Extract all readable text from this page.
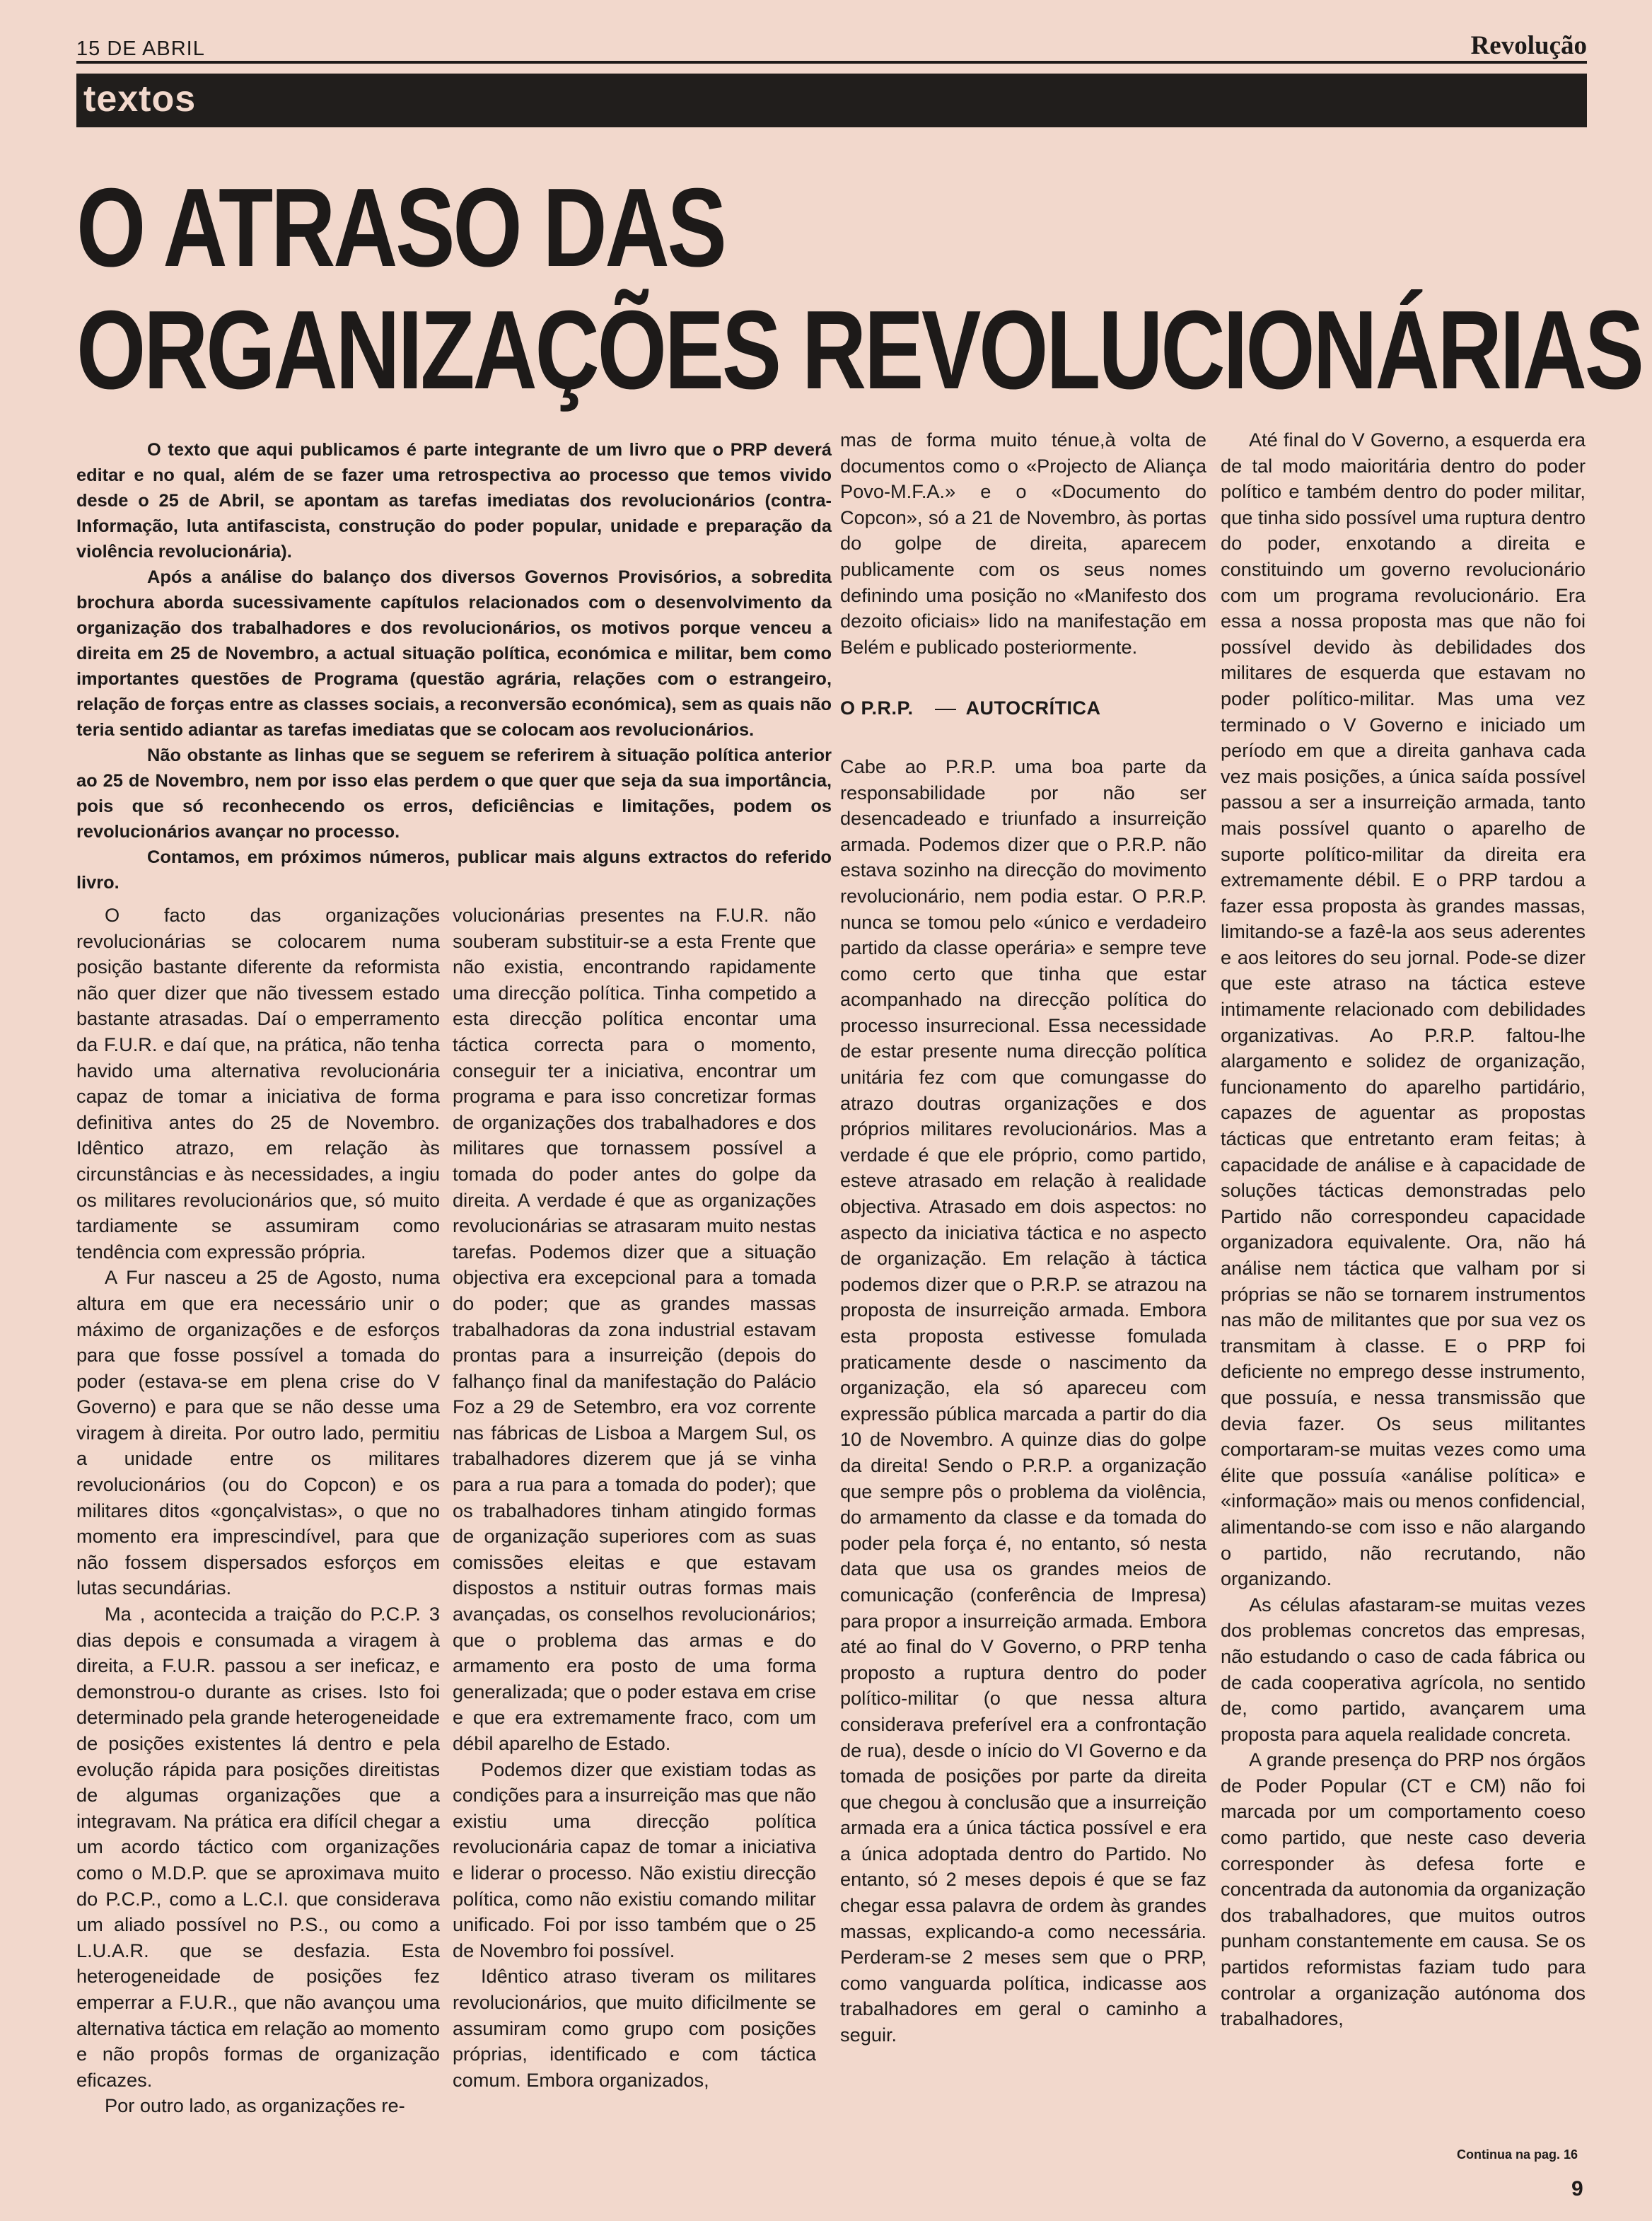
15 DE ABRIL	Revolução
textos
O ATRASO DAS
ORGANIZAÇÕES REVOLUCIONÁRIAS

O texto que aqui publicamos é parte integrante de um livro que o PRP deverá editar e no qual, além de se fazer uma retrospectiva ao processo que temos vivido desde o 25 de Abril, se apontam as tarefas imediatas dos revolucionários (contra-Informação, luta antifascista, construção do poder popular, unidade e preparação da violência revolucionária).

Após a análise do balanço dos diversos Governos Provisórios, a sobredita brochura aborda sucessivamente capítulos relacionados com o desenvolvimento da organização dos trabalhadores e dos revolucionários, os motivos porque venceu a direita em 25 de Novembro, a actual situação política, económica e militar, bem como importantes questões de Programa (questão agrária, relações com o estrangeiro, relação de forças entre as classes sociais, a reconversão económica), sem as quais não teria sentido adiantar as tarefas imediatas que se colocam aos revolucionários.

Não obstante as linhas que se seguem se referirem à situação política anterior ao 25 de Novembro, nem por isso elas perdem o que quer que seja da sua importância, pois que só reconhecendo os erros, deficiências e limitações, podem os revolucionários avançar no processo.

Contamos, em próximos números, publicar mais alguns extractos do referido livro.

O facto das organizações revolucionárias se colocarem numa posição bastante diferente da reformista não quer dizer que não tivessem estado bastante atrasadas. Daí o emperramento da F.U.R. e daí que, na prática, não tenha havido uma alternativa revolucionária capaz de tomar a iniciativa de forma definitiva antes do 25 de Novembro. Idêntico atrazo, em relação às circunstâncias e às necessidades, a ingiu os militares revolucionários que, só muito tardiamente se assumiram como tendência com expressão própria.

A Fur nasceu a 25 de Agosto, numa altura em que era necessário unir o máximo de organizações e de esforços para que fosse possível a tomada do poder (estava-se em plena crise do V Governo) e para que se não desse uma viragem à direita. Por outro lado, permitiu a unidade entre os militares revolucionários (ou do Copcon) e os militares ditos «gonçalvistas», o que no momento era imprescindível, para que não fossem dispersados esforços em lutas secundárias.

Ma , acontecida a traição do P.C.P. 3 dias depois e consumada a viragem à direita, a F.U.R. passou a ser ineficaz, e demonstrou-o durante as crises. Isto foi determinado pela grande heterogeneidade de posições existentes lá dentro e pela evolução rápida para posições direitistas de algumas organizações que a integravam. Na prática era difícil chegar a um acordo táctico com organizações como o M.D.P. que se aproximava muito do P.C.P., como a L.C.I. que considerava um aliado possível no P.S., ou como a L.U.A.R. que se desfazia. Esta heterogeneidade de posições fez emperrar a F.U.R., que não avançou uma alternativa táctica em relação ao momento e não propôs formas de organização eficazes.

Por outro lado, as organizações re-

volucionárias presentes na F.U.R. não souberam substituir-se a esta Frente que não existia, encontrando rapidamente uma direcção política. Tinha competido a esta direcção política encontar uma táctica correcta para o momento, conseguir ter a iniciativa, encontrar um programa e para isso concretizar formas de organizações dos trabalhadores e dos militares que tornassem possível a tomada do poder antes do golpe da direita. A verdade é que as organizações revolucionárias se atrasaram muito nestas tarefas. Podemos dizer que a situação objectiva era excepcional para a tomada do poder; que as grandes massas trabalhadoras da zona industrial estavam prontas para a insurreição (depois do falhanço final da manifestação do Palácio Foz a 29 de Setembro, era voz corrente nas fábricas de Lisboa a Margem Sul, os trabalhadores dizerem que já se vinha para a rua para a tomada do poder); que os trabalhadores tinham atingido formas de organização superiores com as suas comissões eleitas e que estavam dispostos a nstituir outras formas mais avançadas, os conselhos revolucionários; que o problema das armas e do armamento era posto de uma forma generalizada; que o poder estava em crise e que era extremamente fraco, com um débil aparelho de Estado.

Podemos dizer que existiam todas as condições para a insurreição mas que não existiu uma direcção política revolucionária capaz de tomar a iniciativa e liderar o processo. Não existiu direcção política, como não existiu comando militar unificado. Foi por isso também que o 25 de Novembro foi possível.

Idêntico atraso tiveram os militares revolucionários, que muito dificilmente se assumiram como grupo com posições próprias, identificado e com táctica comum. Embora organizados,

mas de forma muito ténue,à volta de documentos como o «Projecto de Aliança Povo-M.F.A.» e o «Documento do Copcon», só a 21 de Novembro, às portas do golpe de direita, aparecem publicamente com os seus nomes definindo uma posição no «Manifesto dos dezoito oficiais» lido na manifestação em Belém e publicado posteriormente.

O P.R.P.	AUTOCRÍTICA

Cabe ao P.R.P. uma boa parte da responsabilidade por não ser desencadeado e triunfado a insurreição armada. Podemos dizer que o P.R.P. não estava sozinho na direcção do movimento revolucionário, nem podia estar. O P.R.P. nunca se tomou pelo «único e verdadeiro partido da classe operária» e sempre teve como certo que tinha que estar acompanhado na direcção política do processo insurrecional. Essa necessidade de estar presente numa direcção política unitária fez com que comungasse do atrazo doutras organizações e dos próprios militares revolucionários. Mas a verdade é que ele próprio, como partido, esteve atrasado em relação à realidade objectiva. Atrasado em dois aspectos: no aspecto da iniciativa táctica e no aspecto de organização. Em relação à táctica podemos dizer que o P.R.P. se atrazou na proposta de insurreição armada. Embora esta proposta estivesse fomulada praticamente desde o nascimento da organização, ela só apareceu com expressão pública marcada a partir do dia 10 de Novembro. A quinze dias do golpe da direita! Sendo o P.R.P. a organização que sempre pôs o problema da violência, do armamento da classe e da tomada do poder pela força é, no entanto, só nesta data que usa os grandes meios de comunicação (conferência de Impresa) para propor a insurreição armada. Embora até ao final do V Governo, o PRP tenha proposto a ruptura dentro do poder político-militar (o que nessa altura considerava preferível era a confrontação de rua), desde o início do VI Governo e da tomada de posições por parte da direita que chegou à conclusão que a insurreição armada era a única táctica possível e era a única adoptada dentro do Partido. No entanto, só 2 meses depois é que se faz chegar essa palavra de ordem às grandes massas, explicando-a como necessária. Perderam-se 2 meses sem que o PRP, como vanguarda política, indicasse aos trabalhadores em geral o caminho a seguir.

Até final do V Governo, a esquerda era de tal modo maioritária dentro do poder político e também dentro do poder militar, que tinha sido possível uma ruptura dentro do poder, enxotando a direita e constituindo um governo revolucionário com um programa revolucionário. Era essa a nossa proposta mas que não foi possível devido às debilidades dos militares de esquerda que estavam no poder político-militar. Mas uma vez terminado o V Governo e iniciado um período em que a direita ganhava cada vez mais posições, a única saída possível passou a ser a insurreição armada, tanto mais possível quanto o aparelho de suporte político-militar da direita era extremamente débil. E o PRP tardou a fazer essa proposta às grandes massas, limitando-se a fazê-la aos seus aderentes e aos leitores do seu jornal. Pode-se dizer que este atraso na táctica esteve intimamente relacionado com debilidades organizativas. Ao P.R.P. faltou-lhe alargamento e solidez de organização, funcionamento do aparelho partidário, capazes de aguentar as propostas tácticas que entretanto eram feitas; à capacidade de análise e à capacidade de soluções tácticas demonstradas pelo Partido não correspondeu capacidade organizadora equivalente. Ora, não há análise nem táctica que valham por si próprias se não se tornarem instrumentos nas mão de militantes que por sua vez os transmitam à classe. E o PRP foi deficiente no emprego desse instrumento, que possuía, e nessa transmissão que devia fazer. Os seus militantes comportaram-se muitas vezes como uma élite que possuía «análise política» e «informação» mais ou menos confidencial, alimentando-se com isso e não alargando o partido, não recrutando, não organizando.

As células afastaram-se muitas vezes dos problemas concretos das empresas, não estudando o caso de cada fábrica ou de cada cooperativa agrícola, no sentido de, como partido, avançarem uma proposta para aquela realidade concreta.

A grande presença do PRP nos órgãos de Poder Popular (CT e CM) não foi marcada por um comportamento coeso como partido, que neste caso deveria corresponder às defesa forte e concentrada da autonomia da organização dos trabalhadores, que muitos outros punham constantemente em causa. Se os partidos reformistas faziam tudo para controlar a organização autónoma dos trabalhadores,

Continua na pag. 16
9
